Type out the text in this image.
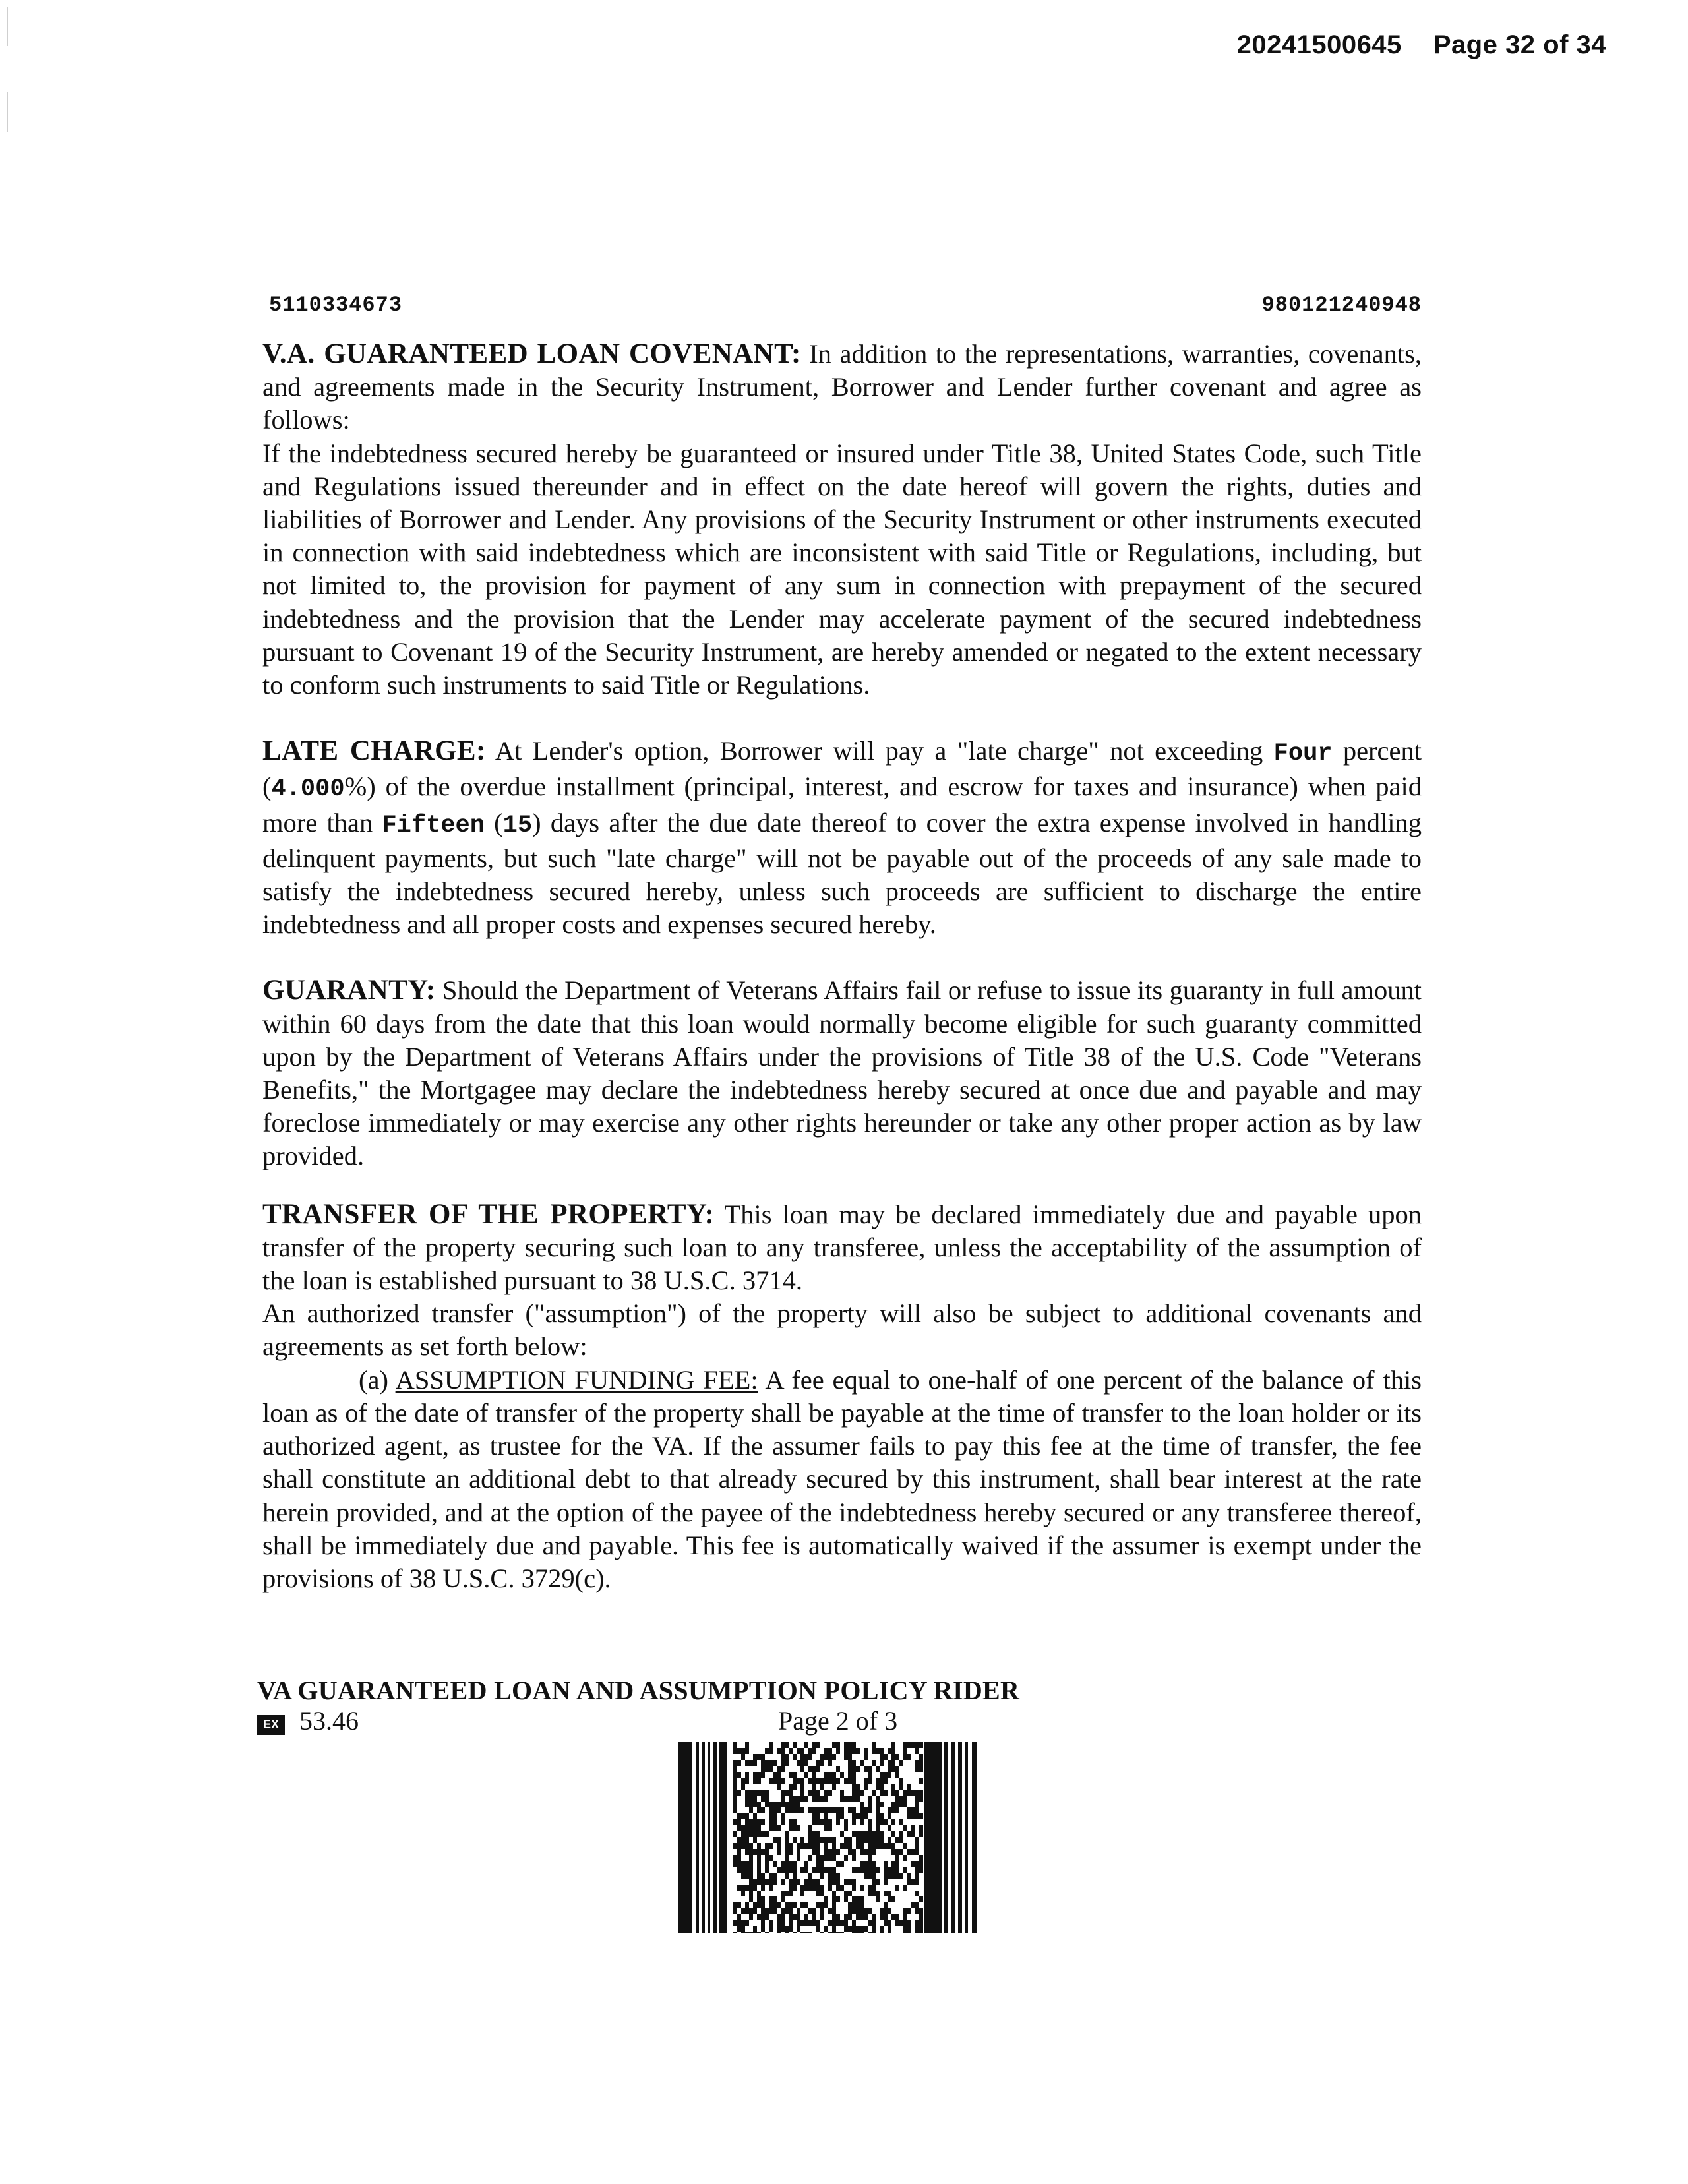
20241500645 Page 32 of 34
5110334673	980121240948

V.A. GUARANTEED LOAN COVENANT: In addition to the representations, warranties, covenants, and agreements made in the Security Instrument, Borrower and Lender further covenant and agree as follows:

If the indebtedness secured hereby be guaranteed or insured under Title 38, United States Code, such Title and Regulations issued thereunder and in effect on the date hereof will govern the rights, duties and liabilities of Borrower and Lender. Any provisions of the Security Instrument or other instruments executed in connection with said indebtedness which are inconsistent with said Title or Regulations, including, but not limited to, the provision for payment of any sum in connection with prepayment of the secured indebtedness and the provision that the Lender may accelerate payment of the secured indebtedness pursuant to Covenant 19 of the Security Instrument, are hereby amended or negated to the extent necessary to conform such instruments to said Title or Regulations.

LATE CHARGE: At Lender's option, Borrower will pay a "late charge" not exceeding Four percent (4.000%) of the overdue installment (principal, interest, and escrow for taxes and insurance) when paid more than Fifteen (15) days after the due date thereof to cover the extra expense involved in handling delinquent payments, but such "late charge" will not be payable out of the proceeds of any sale made to satisfy the indebtedness secured hereby, unless such proceeds are sufficient to discharge the entire indebtedness and all proper costs and expenses secured hereby.

GUARANTY: Should the Department of Veterans Affairs fail or refuse to issue its guaranty in full amount within 60 days from the date that this loan would normally become eligible for such guaranty committed upon by the Department of Veterans Affairs under the provisions of Title 38 of the U.S. Code "Veterans Benefits," the Mortgagee may declare the indebtedness hereby secured at once due and payable and may foreclose immediately or may exercise any other rights hereunder or take any other proper action as by law provided.

TRANSFER OF THE PROPERTY: This loan may be declared immediately due and payable upon transfer of the property securing such loan to any transferee, unless the acceptability of the assumption of the loan is established pursuant to 38 U.S.C. 3714.

An authorized transfer ("assumption") of the property will also be subject to additional covenants and agreements as set forth below:

(a) ASSUMPTION FUNDING FEE: A fee equal to one-half of one percent of the balance of this loan as of the date of transfer of the property shall be payable at the time of transfer to the loan holder or its authorized agent, as trustee for the VA. If the assumer fails to pay this fee at the time of transfer, the fee shall constitute an additional debt to that already secured by this instrument, shall bear interest at the rate herein provided, and at the option of the payee of the indebtedness hereby secured or any transferee thereof, shall be immediately due and payable. This fee is automatically waived if the assumer is exempt under the provisions of 38 U.S.C. 3729(c).

VA GUARANTEED LOAN AND ASSUMPTION POLICY RIDER
EX 53.46	Page 2 of 3
